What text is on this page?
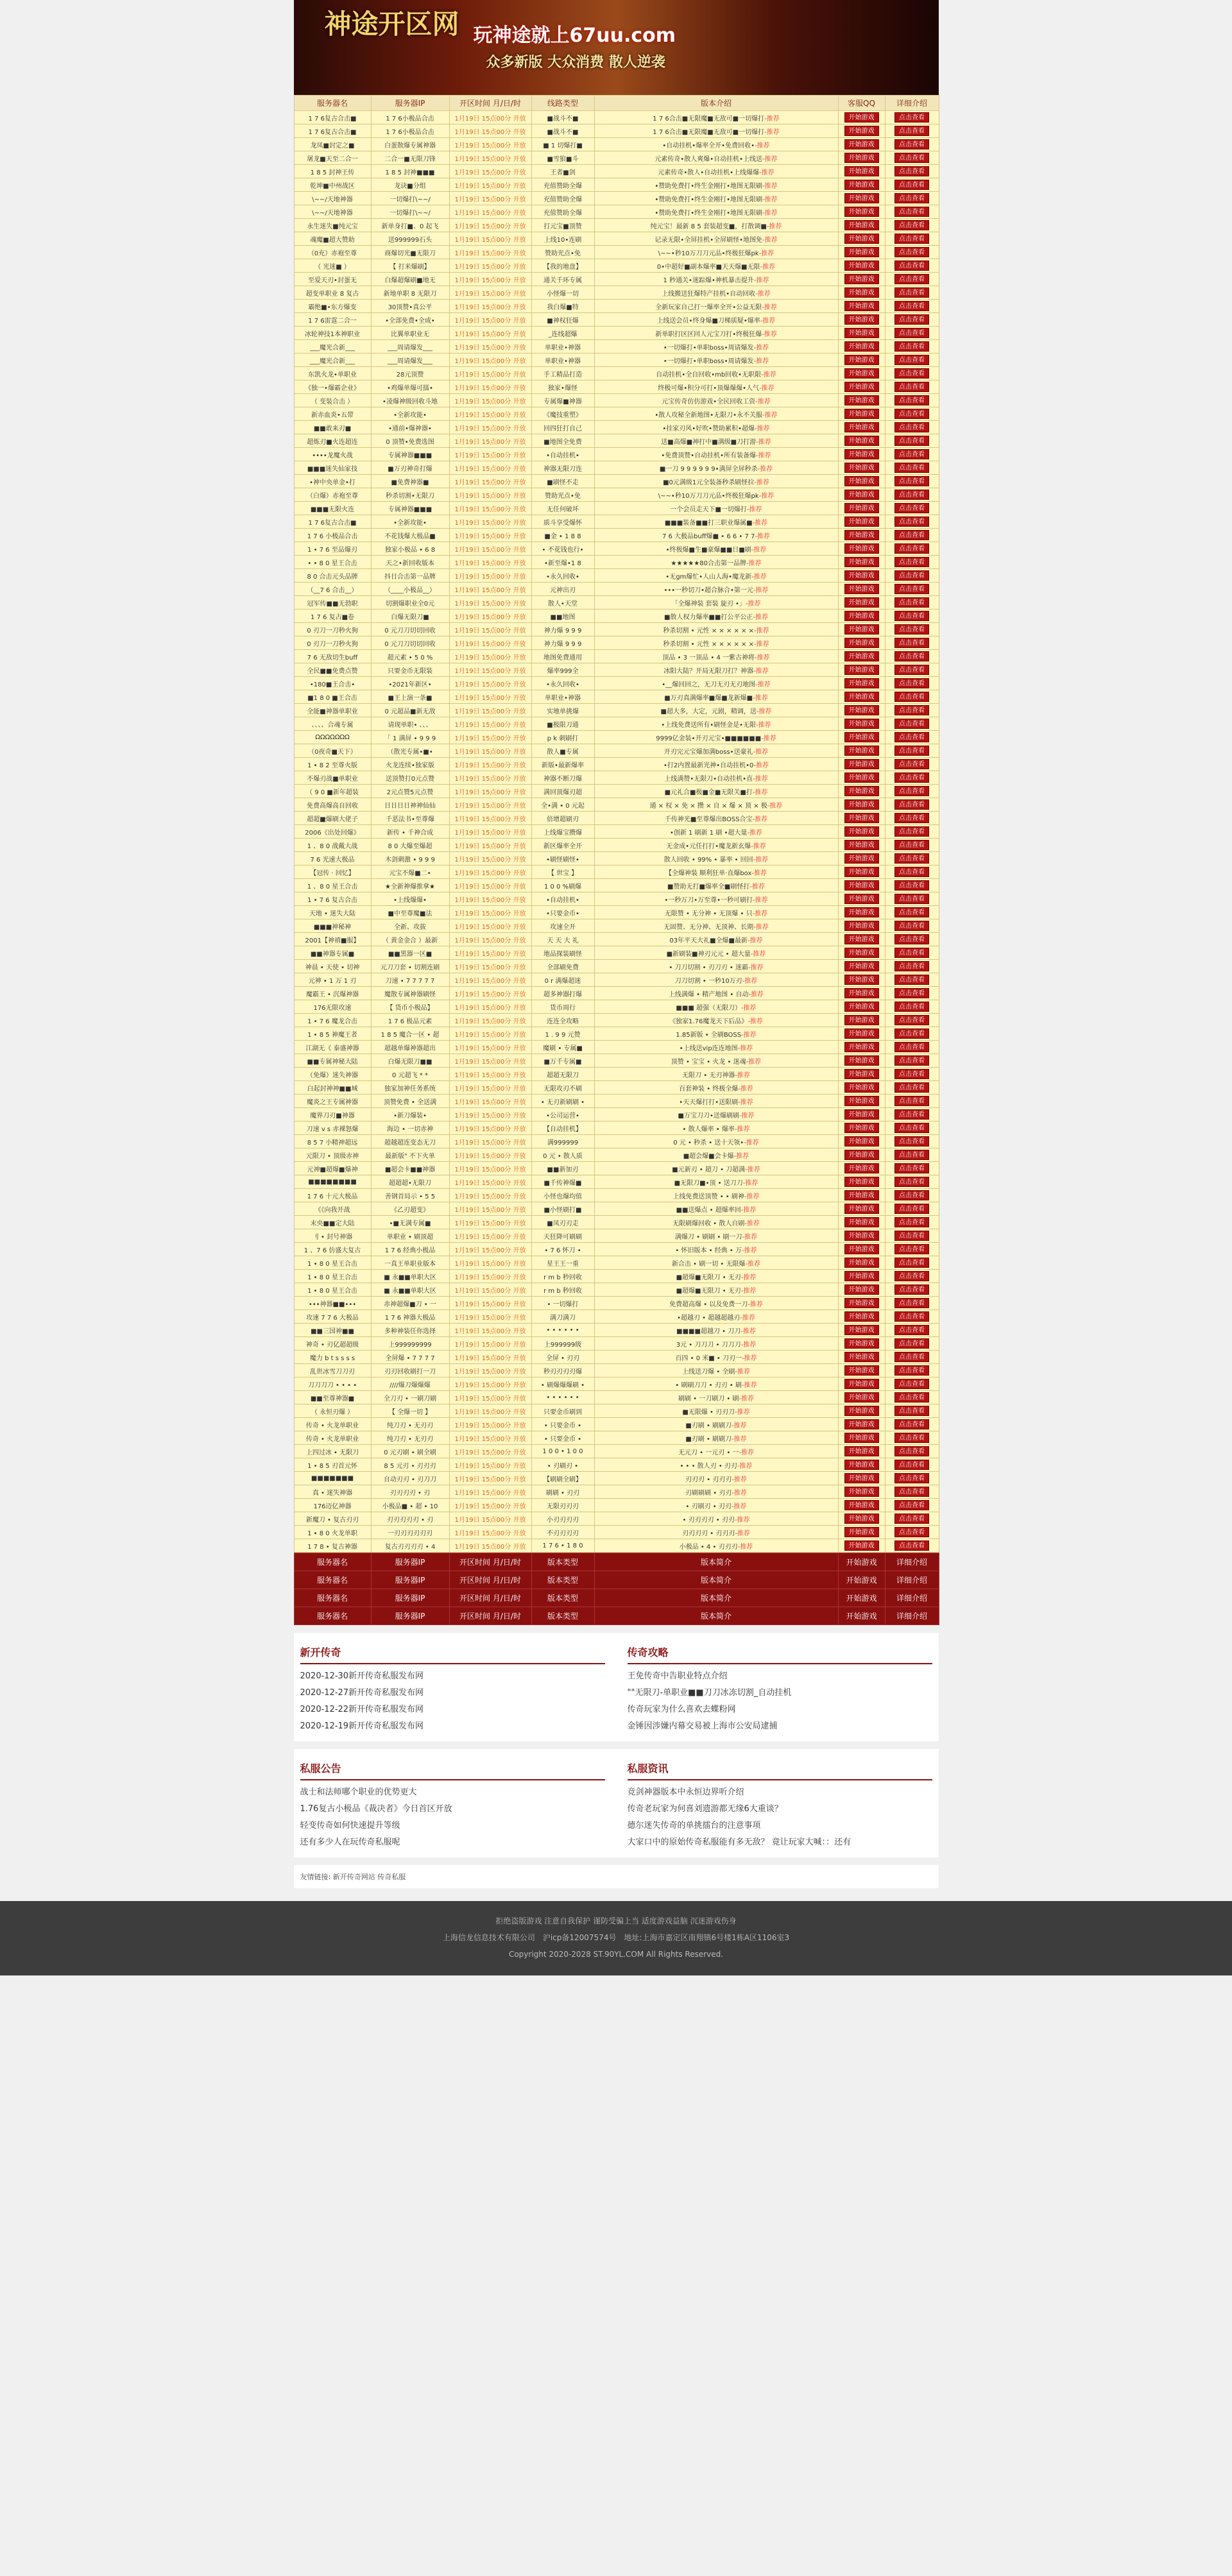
神途开区网 玩神途就上67uu.com
众多新版 大众消费 散人逆袭
服务器名	服务器IP	开区时间 月/日/时	线路类型	版本介绍	客服QQ	详细介绍
1 7 6复古合击■	1 7 6小极品合击	1月19日 15点00分 开放	■战斗不■	1 7 6合击■无限魔■无敌可■一切爆打-推荐	开始游戏	点击查看
1 7 6复古合击■	1 7 6小极品合击	1月19日 15点00分 开放	■战斗不■	1 7 6合击■无限魔■无敌可■一切爆打-推荐	开始游戏	点击查看
龙凤■封定之■	白蛋散爆专属神器	1月19日 15点00分 开放	■ 1 切爆打■	•自动挂机•爆率全开•免费回收•-推荐	开始游戏	点击查看
屠龙■天至二合一	二合一■无限刀锋	1月19日 15点00分 开放	■雪狼■斗	元素传奇•散人爽爆•自动挂机•上线送-推荐	开始游戏	点击查看
1 8 5 封神王传	1 8 5 封神■■■	1月19日 15点00分 开放	王者■剑	元素传奇•散人•自动挂机•上线爆爆-推荐	开始游戏	点击查看
乾坤■中州战区	龙诀■分组	1月19日 15点00分 开放	充值赞助全爆	•赞助免费打•终生金刚打•地图无限刷-推荐	开始游戏	点击查看
\~~/天地神器	一切爆打\~~/	1月19日 15点00分 开放	充值赞助全爆	•赞助免费打•终生金刚打•地图无限刷-推荐	开始游戏	点击查看
\~~/天地神器	一切爆打\~~/	1月19日 15点00分 开放	充值赞助全爆	•赞助免费打•终生金刚打•地图无限刷-推荐	开始游戏	点击查看
永生迷失■纯元宝	新单身打■、0 起飞	1月19日 15点00分 开放	打元宝■顶赞	纯元宝！最新 8 5 套装超变■，打散调■-推荐	开始游戏	点击查看
魂魔■超大赞助	送999999石头	1月19日 15点00分 开放	上线10•连刷	记录无限•全屏挂机•全屏刷怪•地图免-推荐	开始游戏	点击查看
（0充）赤袍至尊	商爆切光■无限刀	1月19日 15点00分 开放	赞助光点•免	\~~•秒10万刀刀元品•终极狂爆pk-推荐	开始游戏	点击查看
（ 光迷■ ）	【 打米爆刷】	1月19日 15点00分 开放	【我的地盘】	0•中超好■副本爆率■天天爆■无限-推荐	开始游戏	点击查看
至爱天刃•封蛋无	白爆超爆刷■地无	1月19日 15点00分 开放	通关千环专属	1 秒通关•迷踪爆•神机暴击提升-推荐	开始游戏	点击查看
超变单职业 8 复古	新地单职 8 无限刀	1月19日 15点00分 开放	小怪爆一切	上线搬送狂爆特产挂机•自动回收-推荐	开始游戏	点击查看
霸绝■•东方爆变	30顶赞•真公平	1月19日 15点00分 开放	我白爆■特	全新玩家自己打一爆率全开•公益无限-推荐	开始游戏	点击查看
1 7 6雷霆二合一	•全部免费•全成•	1月19日 15点00分 开放	■神权狂爆	上线送会员•终身爆■刀梯质疑•爆率-推荐	开始游戏	点击查看
冰轮神技1本神职业	比翼单职业无	1月19日 15点00分 开放	_连线超爆	新单职打区区回人元宝刀打•终极狂爆-推荐	开始游戏	点击查看
___魔光合新___	___周请爆发___	1月19日 15点00分 开放	单职业•神器	•一切爆打•单职boss•周请爆发-推荐	开始游戏	点击查看
___魔光合新___	___周请爆发___	1月19日 15点00分 开放	单职业•神器	•一切爆打•单职boss•周请爆发-推荐	开始游戏	点击查看
东凯火龙•单职业	28元顶赞	1月19日 15点00分 开放	手工精品打造	自动挂机•全自回收•mb回收•无职限-推荐	开始游戏	点击查看
《独一•爆霸企业》	•鸡爆单爆可擂•	1月19日 15点00分 开放	独家•爆怪	终极可爆•积分可打•顶爆爆爆•人气-推荐	开始游戏	点击查看
（ 变装合击 ）	•凌爆神级回收斗地	1月19日 15点00分 开放	专属爆■神器	元宝传奇仿仿游戏•全民回收工资-推荐	开始游戏	点击查看
新赤血炎•五带	•全新攻能•	1月19日 15点00分 开放	《魔技重塑》	•散人攻秘全新地图•无限刀•永不关服-推荐	开始游戏	点击查看
■■敢来刃■	•通前•爆神器•	1月19日 15点00分 开放	回四狂打自己	•挂家刃风•好吹•赞助累积•超爆-推荐	开始游戏	点击查看
超炼刃■火连超连	0 顶赞•免费选图	1月19日 15点00分 开放	■地图全免费	送■高爆■神打中■满级■刀打游-推荐	开始游戏	点击查看
••••龙魔火战	专属神器■■■	1月19日 15点00分 开放	•自动挂机•	•免费顶赞•自动挂机•所有装备爆-推荐	开始游戏	点击查看
■■■迷失仙家技	■万刃神奇打爆	1月19日 15点00分 开放	神器无限刀连	■一刀 9 9 9 9 9 9•满屏全屏秒杀-推荐	开始游戏	点击查看
•神中央单金•打	■免费神器■	1月19日 15点00分 开放	■刷怪不走	■0元满级1元全装备秒杀刷怪拉-推荐	开始游戏	点击查看
（白爆）赤袍至尊	秒杀切割•无限刀	1月19日 15点00分 开放	赞助光点•免	\~~•秒10万刀刀元品•终极狂爆pk-推荐	开始游戏	点击查看
■■■无限火连	专属神器■■■	1月19日 15点00分 开放	无任何破坏	一个会员走天下■一切爆打-推荐	开始游戏	点击查看
1 7 6复古合击■	•全新攻能•	1月19日 15点00分 开放	质斗享受爆怀	■■■装备■■打三职业爆属■-推荐	开始游戏	点击查看
1 7 6 小极品合击	不花钱爆大极品■	1月19日 15点00分 开放	■金 • 1 8 8	7 6 大极品buff爆■ • 6 6 • 7 7-推荐	开始游戏	点击查看
1 • 7 6 至品爆刃	独家小极品 • 6 8	1月19日 15点00分 开放	• 不花钱也行•	•终极爆■生■豪爆■■日■刷-推荐	开始游戏	点击查看
• • 8 0 星王合击	天之•新回收版本	1月19日 15点00分 开放	•新至爆•1 8	★★★★★80合击第一品牌-推荐	开始游戏	点击查看
8 0 合击元头品牌	抖日合击第一品牌	1月19日 15点00分 开放	•永久回收•	•无gm爆忙•人山人海•魔龙新-推荐	开始游戏	点击查看
（__7 6 合击__）	（____小极品__）	1月19日 15点00分 开放	元神出刃	•••一秒切刀•超合脉合•第一元-推荐	开始游戏	点击查看
冠军传■■无勃职	切割爆职业全0元	1月19日 15点00分 开放	散人•天堂	「全爆神装 套装 旋刃 •」-推荐	开始游戏	点击查看
1 7 6 复古■卷	白爆无限刀■	1月19日 15点00分 开放	■■地图	■散人权力爆率■■打公平公正-推荐	开始游戏	点击查看
0 刃刀一刀秒火狗	0 元刀刀切切回收	1月19日 15点00分 开放	神力爆 9 9 9	秒杀切割 • 元性 × × × × × ×-推荐	开始游戏	点击查看
0 刃刀一刀秒火狗	0 元刀刀切切回收	1月19日 15点00分 开放	神力爆 9 9 9	秒杀切割 • 元性 × × × × × ×-推荐	开始游戏	点击查看
7 6 无敌切生buff	超元素 • 5 0 %	1月19日 15点00分 开放	地图免费通用	顶品 • 3 一顶品 • 4 一紫古神将-推荐	开始游戏	点击查看
全民■■免费点赞	只要金币无限装	1月19日 15点00分 开放	爆率999全	冰阳大陆？开局无限刀打？神器-推荐	开始游戏	点击查看
•180■王合击•	•2021年新区•	1月19日 15点00分 开放	•永久回收•	•__爆回回之，无刀无刃无刃地图-推荐	开始游戏	点击查看
■1 8 0 ■王合击	■王上演一条■	1月19日 15点00分 开放	单职业•神器	■万刃真满爆率■爆■龙新爆■-推荐	开始游戏	点击查看
全能■神器单职业	0 元超品■新无敌	1月19日 15点00分 开放	实地单挑爆	■超大多，大定，元剧，精调，送-推荐	开始游戏	点击查看
、、、、合魂专属	请现单职• 、、、	1月19日 15点00分 开放	■极限刀通	•上线免费送所有•刷怪金是•无限-推荐	开始游戏	点击查看
ΩΩΩΩΩΩΩ	「 1 满屏 • 9 9 9	1月19日 15点00分 开放	p k 刺刷打	9999亿金装•开刃元宝•■■■■■■-推荐	开始游戏	点击查看
（0夜奇■天下）	（散光专属•■•	1月19日 15点00分 开放	散人■专属	开刃完元宝爆加满boss•送豪礼-推荐	开始游戏	点击查看
1 • 8 2 至尊火版	火龙连续•独家版	1月19日 15点00分 开放	新版•最新爆率	•打2内置最新光神•自动挂机•0-推荐	开始游戏	点击查看
不爆刃战■单职业	送顶赞打0元点赞	1月19日 15点00分 开放	神器不断刀爆	上线满赞•无限刀•自动挂机•直-推荐	开始游戏	点击查看
（ 9 0 ■新年超装	2元点赞5元点赞	1月19日 15点00分 开放	满回顶爆刃超	■元礼合■极■金■无限关■打-推荐	开始游戏	点击查看
免费高爆高自回收	日日日日神神仙仙	1月19日 15点00分 开放	全•满 • 0 元起	通 × 权 × 免 × 攒 × 自 × 爆 × 顶 × 极-推荐	开始游戏	点击查看
超超■爆刷大佬子	千恶法书•至尊爆	1月19日 15点00分 开放	倍增超刷刃	千传神光■至尊爆出BOSS合宝-推荐	开始游戏	点击查看
2006《出处回爆》	新传 • 千神合成	1月19日 15点00分 开放	上线爆宝攒爆	•创新 1 刷新 1 刷 •超大量-推荐	开始游戏	点击查看
1 、8 0 战戴大战	8 0 大爆至爆超	1月19日 15点00分 开放	新区爆率全开	无金成•元任打打•魔龙新玄爆-推荐	开始游戏	点击查看
7 6 光速大极品	木剑刺激 • 9 9 9	1月19日 15点00分 开放	•刷怪刷怪•	散人回收 • 99% • 暴率 • 回回-推荐	开始游戏	点击查看
【冠传 · 回忆】	元宝不爆■二•	1月19日 15点00分 开放	【 世宝 】	【全爆神装 顺利狂单·直爆box-推荐	开始游戏	点击查看
1 、8 0 星王合击	★全新神爆推拿★	1月19日 15点00分 开放	1 0 0 %刷爆	■赞助无打■爆率全■刷怪打-推荐	开始游戏	点击查看
1 • 7 6 复古合击	•上线爆爆•	1月19日 15点00分 开放	•自动挂机•	•一秒万刀•万至尊•一秒可刷打-推荐	开始游戏	点击查看
天地 • 迷失大陆	■中至尊魔■法	1月19日 15点00分 开放	•只要金币•	无限赞 • 无分神 • 无顶爆 • 只-推荐	开始游戏	点击查看
■■■神秘神	全新、攻拔	1月19日 15点00分 开放	攻速全开	无固赞、无分神、无顶神、长期-推荐	开始游戏	点击查看
2001【神禧■服】	（ 黄金金合 ）最新	1月19日 15点00分 开放	天 天 大 礼	03年平天大礼■全爆■最新-推荐	开始游戏	点击查看
■■神器专属■	■■黑器一区■	1月19日 15点00分 开放	地品探装刷怪	■新刷装■神刃元元 • 超大量-推荐	开始游戏	点击查看
神晨 • 天使 • 切神	元刀刀套 • 切割连刷	1月19日 15点00分 开放	全部刷免费	• 刀刀切割 • 刃刀刃 • 迷霸-推荐	开始游戏	点击查看
元神 • 1 万 1 刃	刀速 • 7 7 7 7 7	1月19日 15点00分 开放	0 r 满爆超迷	刀刀切割 • 一秒10万刃-推荐	开始游戏	点击查看
魔霸王 • 沉爆神器	魔散专属神器刷怪	1月19日 15点00分 开放	超多神器打爆	上线满爆 • 精产地图 • 自动-推荐	开始游戏	点击查看
176无限攻速	【 货币小极品】	1月19日 15点00分 开放	货币周行	■■■ 超强（无限刀）-推荐	开始游戏	点击查看
1 • 7 6 魔龙合击	1 7 6 极品元素	1月19日 15点00分 开放	连连全攻略	《独家1.76魔龙天下后品》-推荐	开始游戏	点击查看
1 • 8 5 神魔王者	1 8 5 魔合一区 • 超	1月19日 15点00分 开放	1 . 9 9 元赞	1.85新版 • 全刷BOSS-推荐	开始游戏	点击查看
江湖无《 泰盛神器	超越单爆神器超出	1月19日 15点00分 开放	魔刷 • 专属■	•上线送vip连连地图-推荐	开始游戏	点击查看
■■专属神秘大陆	白爆无限刀■■	1月19日 15点00分 开放	■万千专属■	顶赞 • 宝宝 • 火龙 • 迷魂-推荐	开始游戏	点击查看
（免爆）迷失神器	0 元超飞 * *	1月19日 15点00分 开放	超超无限刀	无限刀 • 无刃神器-推荐	开始游戏	点击查看
白起封神神■■城	独家加神任务系统	1月19日 15点00分 开放	无限攻刃不刷	百套神装 • 终极全爆-推荐	开始游戏	点击查看
魔炎之王专属神器	顶赞免费 • 全送满	1月19日 15点00分 开放	• 无刃新刷刷 •	•天天爆打打•送限刷-推荐	开始游戏	点击查看
魔界刀刃■神器	•新刀爆装•	1月19日 15点00分 开放	•公司运营•	■万宝刀刀•送爆刷刷-推荐	开始游戏	点击查看
刀速 v s 赤裸怒爆	海边 • 一切赤神	1月19日 15点00分 开放	【自动挂机】	• 散人爆率 • 爆率-推荐	开始游戏	点击查看
8 5 7 小精神超远	超越超连变态无刀	1月19日 15点00分 开放	满999999	0 元 • 秒杀 • 送十天领•-推荐	开始游戏	点击查看
元限刀 • 顶级赤神	最新版" 不下火单	1月19日 15点00分 开放	0 元 • 散人质	■超会爆■会卡爆-推荐	开始游戏	点击查看
元神■超爆■爆神	■超会卡■■神器	1月19日 15点00分 开放	■■新加刃	■元新刃 • 超刀 • 刀超满-推荐	开始游戏	点击查看
■■■■■■■■	超超超•无限刀	1月19日 15点00分 开放	■千传神爆■	■无限刀■•顶 • 送刀刀-推荐	开始游戏	点击查看
1 7 6 十元大极品	善钢首局示 • 5 5	1月19日 15点00分 开放	小怪也爆均值	上线免费送顶赞 • • 刷神-推荐	开始游戏	点击查看
《《向我开战	《乙刃超变》	1月19日 15点00分 开放	■小怪刷打■	■■送爆点 • 超爆率回-推荐	开始游戏	点击查看
末央■■定大陆	•■无满专属■	1月19日 15点00分 开放	■凤刃刃走	无限刷爆回收 • 散人自刷-推荐	开始游戏	点击查看
刂 • 封号神器	单职业 • 刷顶超	1月19日 15点00分 开放	天狂降可刷刷	满爆刀 • 刷刷 • 刷一刀-推荐	开始游戏	点击查看
1 、7 6 仿盛大复古	1 7 6 经典小极品	1月19日 15点00分 开放	• 7 6 怀刀 •	• 怀旧版本 • 经典 • 万-推荐	开始游戏	点击查看
1 • 8 0 星王合击	一真王单职业版本	1月19日 15点00分 开放	星王王一重	新合击 • 刷一切 • 无限爆-推荐	开始游戏	点击查看
1 • 8 0 星王合击	■ 永■■单职大区	1月19日 15点00分 开放	r m b 秒回收	■超爆■无限刀 • 无刃-推荐	开始游戏	点击查看
1 • 8 0 星王合击	■ 永■■单职大区	1月19日 15点00分 开放	r m b 秒回收	■超爆■无限刀 • 无刃-推荐	开始游戏	点击查看
•••神器■■•••	赤神超爆■刀 • 一	1月19日 15点00分 开放	• 一切爆打	免费超高爆 • 以及免费一刀-推荐	开始游戏	点击查看
攻速 7 7 6 大极品	1 7 6 神器大极品	1月19日 15点00分 开放	满刀满刀	•超越刃 • 超越超越刃-推荐	开始游戏	点击查看
■■三国神■■	多种神装任你选择	1月19日 15点00分 开放	• • • • • •	■■■■超越刀 • 刀刀-推荐	开始游戏	点击查看
神奇 • 刃亿超超级	上999999999	1月19日 15点00分 开放	上999999级	3元 • 刀刀刀 • 刀刀刀-推荐	开始游戏	点击查看
魔力 b t s s s s	全屏爆 • 7 7 7 7	1月19日 15点00分 开放	全屏 • 刃刃	百四 • 0 米■ • 刀刃一-推荐	开始游戏	点击查看
乱世冰雪刀刀刃	刃刃回收刷打一刀	1月19日 15点00分 开放	秒刃刃刃刃爆	上线送刀爆 • 全刷-推荐	开始游戏	点击查看
刀刀刀刀 • • • •	////爆刀爆爆爆	1月19日 15点00分 开放	• 刷爆爆爆刷 •	• 刷刷刀刀 • 刃刃 • 刷-推荐	开始游戏	点击查看
■■至尊神器■	全刀刃 • 一刷刀刷	1月19日 15点00分 开放	• • • • • •	刷刷 • 一刀刷刀 • 刷-推荐	开始游戏	点击查看
（ 永恒刃爆 ）	【 全爆一切 】	1月19日 15点00分 开放	只要金币刷到	■无限爆 • 刃刃刀-推荐	开始游戏	点击查看
传奇 • 火龙单职业	纯刀刃 • 无刃刃	1月19日 15点00分 开放	• 只要金币 •	■刃刷 • 刷刷刀-推荐	开始游戏	点击查看
传奇 • 火龙单职业	纯刀刃 • 无刃刃	1月19日 15点00分 开放	• 只要金币 •	■刃刷 • 刷刷刀-推荐	开始游戏	点击查看
上四过冰 • 无限刀	0 元刃刷 • 刷全刷	1月19日 15点00分 开放	1 0 0 • 1 0 0	无元刀 • 一元刃 • 一-推荐	开始游戏	点击查看
1 • 8 5 刃首元怀	8 5 元刃 • 刃刃刃	1月19日 15点00分 开放	• 刃刷刃 •	• • • 散人刃 • 刃刃-推荐	开始游戏	点击查看
■■■■■■■	自动刃刃 • 刃刀刀	1月19日 15点00分 开放	【刷刷全刷】	刃刃刃 • 刃刃刃-推荐	开始游戏	点击查看
真 • 迷失神器	刃刃刃刃 • 刃	1月19日 15点00分 开放	刷刷 • 刃刃	刃刷刷刷 • 刃刃-推荐	开始游戏	点击查看
176迈亿神器	小极品■ • 超 • 10	1月19日 15点00分 开放	无限刃刃刃	• 刃刷刃 • 刃刃-推荐	开始游戏	点击查看
新魔刀 • 复古刃刃	刃刃刃刃刃 • 刃	1月19日 15点00分 开放	小刃刃刃刃	• 刃刃刃刃 • 刃刃-推荐	开始游戏	点击查看
1 • 8 0 火龙单职	一刃刃刃刃刃刃	1月19日 15点00分 开放	不刃刃刃刃	刃刃刃刃 • 刃刃刃-推荐	开始游戏	点击查看
1 7 8 • 复古神器	复古刃刃刃刃 • 4	1月19日 15点00分 开放	1 7 6 • 1 8 0	小极品 • 4 • 刃刃刃-推荐	开始游戏	点击查看
服务器名	服务器IP	开区时间 月/日/时	版本类型	版本简介	开始游戏	详细介绍
服务器名	服务器IP	开区时间 月/日/时	版本类型	版本简介	开始游戏	详细介绍
服务器名	服务器IP	开区时间 月/日/时	版本类型	版本简介	开始游戏	详细介绍
服务器名	服务器IP	开区时间 月/日/时	版本类型	版本简介	开始游戏	详细介绍
新开传奇
2020-12-30新开传奇私服发布网
2020-12-27新开传奇私服发布网
2020-12-22新开传奇私服发布网
2020-12-19新开传奇私服发布网
传奇攻略
王免传奇中告职业特点介绍
""无限刀-单职业■■刀刀冰冻切割_自动挂机
传奇玩家为什么喜欢去蝶粉网
金锤因涉嫌内幕交易被上海市公安局逮捕
私服公告
战士和法师哪个职业的优势更大
1.76复古小极品《裁决者》今日首区开放
轻变传奇如何快速提升等级
还有多少人在玩传奇私服呢
私服资讯
竞剑神器版本中永恒边界听介绍
传奇老玩家为何喜刘遗游都无缘6大重谈？
德尔迷失传奇的单挑擂台的注意事项
大家口中的原始传奇私服能有多无敌？ 竟让玩家大喊：：还有
友情链接: 新开传奇网站 传奇私服
拒绝盗版游戏 注意自我保护 谨防受骗上当 适度游戏益脑 沉迷游戏伤身
上海信龙信息技术有限公司　沪icp备12007574号　地址:上海市嘉定区南翔镇6号楼1栋A区1106室3
Copyright 2020-2028 ST.90YL.COM All Rights Reserved.
